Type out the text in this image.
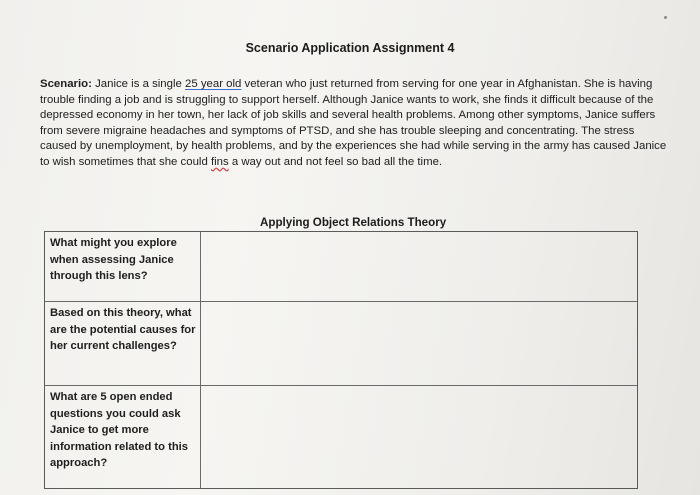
Scenario Application Assignment 4
Scenario: Janice is a single 25 year old veteran who just returned from serving for one year in Afghanistan. She is having trouble finding a job and is struggling to support herself. Although Janice wants to work, she finds it difficult because of the depressed economy in her town, her lack of job skills and several health problems. Among other symptoms, Janice suffers from severe migraine headaches and symptoms of PTSD, and she has trouble sleeping and concentrating. The stress caused by unemployment, by health problems, and by the experiences she had while serving in the army has caused Janice to wish sometimes that she could fins a way out and not feel so bad all the time.
Applying Object Relations Theory
What might you explore when assessing Janice through this lens?
Based on this theory, what are the potential causes for her current challenges?
What are 5 open ended questions you could ask Janice to get more information related to this approach?
